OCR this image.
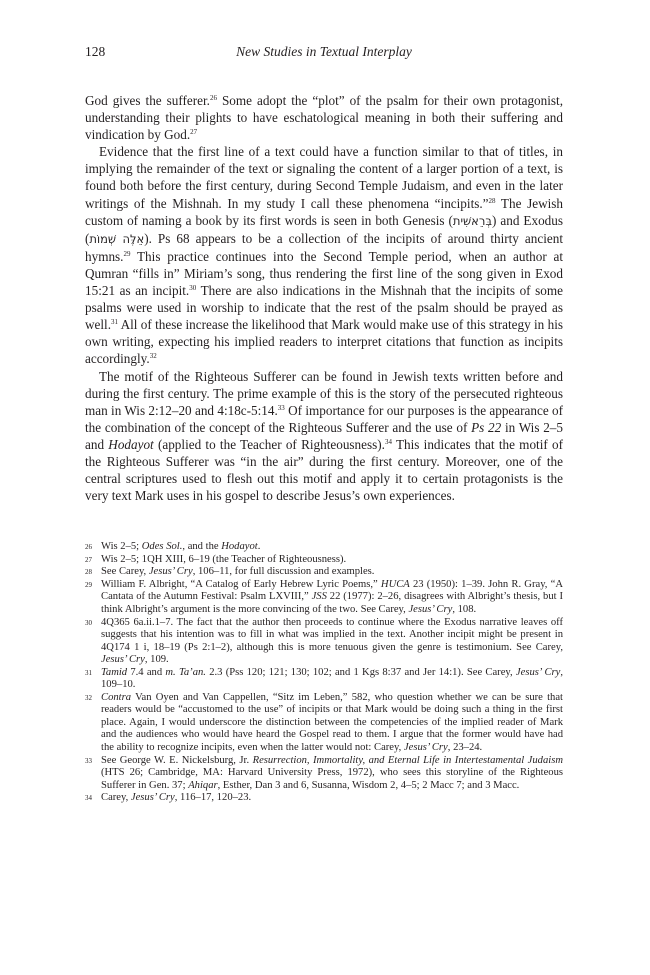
128	New Studies in Textual Interplay

God gives the sufferer.$^{26}$ Some adopt the “plot” of the psalm for their own protagonist, understanding their plights to have eschatological meaning in both their suffering and vindication by God.$^{27}$

Evidence that the first line of a text could have a function similar to that of titles, in implying the remainder of the text or signaling the content of a larger portion of a text, is found both before the first century, during Second Temple Judaism, and even in the later writings of the Mishnah. In my study I call these phenomena “incipits.”$^{28}$ The Jewish custom of naming a book by its first words is seen in both Genesis (בְּרֵאשִׁית) and Exodus (אֵלֶּה שְׁמוֹת). Ps 68 appears to be a collection of the incipits of around thirty ancient hymns.$^{29}$ This practice continues into the Second Temple period, when an author at Qumran “fills in” Miriam’s song, thus rendering the first line of the song given in Exod 15:21 as an incipit.$^{30}$ There are also indications in the Mishnah that the incipits of some psalms were used in worship to indicate that the rest of the psalm should be prayed as well.$^{31}$ All of these increase the likelihood that Mark would make use of this strategy in his own writing, expecting his implied readers to interpret citations that function as incipits accordingly.$^{32}$

The motif of the Righteous Sufferer can be found in Jewish texts written before and during the first century. The prime example of this is the story of the persecuted righteous man in Wis 2:12–20 and 4:18c-5:14.33 Of importance for our purposes is the appearance of the combination of the concept of the Righteous Sufferer and the use of Ps 22 in Wis 2–5 and Hodayot (applied to the Teacher of Righteousness).$^{34}$ This indicates that the motif of the Righteous Sufferer was “in the air” during the first century. Moreover, one of the central scriptures used to flesh out this motif and apply it to certain protagonists is the very text Mark uses in his gospel to describe Jesus’s own experiences.

26 Wis 2–5; Odes Sol., and the Hodayot.
27 Wis 2–5; 1QH XIII, 6–19 (the Teacher of Righteousness).
28 See Carey, Jesus’ Cry, 106–11, for full discussion and examples.
29 William F. Albright, “A Catalog of Early Hebrew Lyric Poems,” HUCA 23 (1950): 1–39. John R. Gray, “A Cantata of the Autumn Festival: Psalm LXVIII,” JSS 22 (1977): 2–26, disagrees with Albright’s thesis, but I think Albright’s argument is the more convincing of the two. See Carey, Jesus’ Cry, 108.
30 4Q365 6a.ii.1–7. The fact that the author then proceeds to continue where the Exodus narrative leaves off suggests that his intention was to fill in what was implied in the text. Another incipit might be present in 4Q174 1 i, 18–19 (Ps 2:1–2), although this is more tenuous given the genre is testimonium. See Carey, Jesus’ Cry, 109.
31 Tamid 7.4 and m. Ta’an. 2.3 (Pss 120; 121; 130; 102; and 1 Kgs 8:37 and Jer 14:1). See Carey, Jesus’ Cry, 109–10.
32 Contra Van Oyen and Van Cappellen, “Sitz im Leben,” 582, who question whether we can be sure that readers would be “accustomed to the use” of incipits or that Mark would be doing such a thing in the first place. Again, I would underscore the distinction between the competencies of the implied reader of Mark and the audiences who would have heard the Gospel read to them. I argue that the former would have had the ability to recognize incipits, even when the latter would not: Carey, Jesus’ Cry, 23–24.
33 See George W. E. Nickelsburg, Jr. Resurrection, Immortality, and Eternal Life in Intertestamental Judaism (HTS 26; Cambridge, MA: Harvard University Press, 1972), who sees this storyline of the Righteous Sufferer in Gen. 37; Ahiqar, Esther, Dan 3 and 6, Susanna, Wisdom 2, 4–5; 2 Macc 7; and 3 Macc.
34 Carey, Jesus’ Cry, 116–17, 120–23.
